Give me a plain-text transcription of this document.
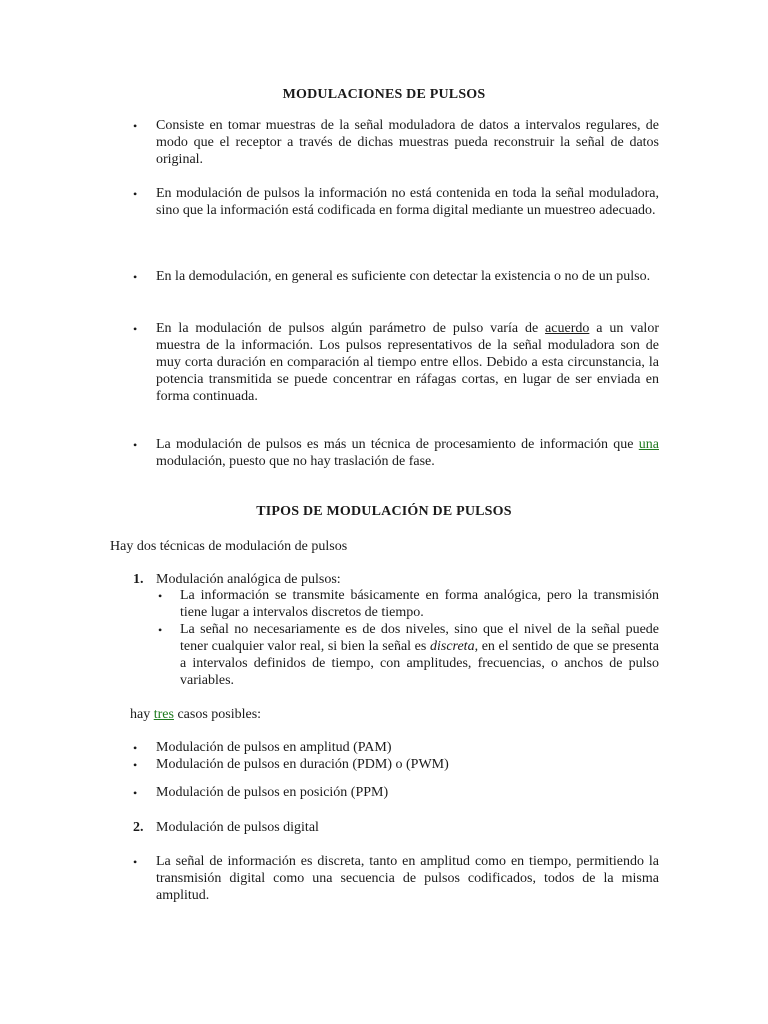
MODULACIONES DE PULSOS
• Consiste en tomar muestras de la señal moduladora de datos a intervalos regulares, de modo que el receptor a través de dichas muestras pueda reconstruir la señal de datos original.
• En modulación de pulsos la información no está contenida en toda la señal moduladora, sino que la información está codificada en forma digital mediante un muestreo adecuado.
• En la demodulación, en general es suficiente con detectar la existencia o no de un pulso.
• En la modulación de pulsos algún parámetro de pulso varía de acuerdo a un valor muestra de la información. Los pulsos representativos de la señal moduladora son de muy corta duración en comparación al tiempo entre ellos. Debido a esta circunstancia, la potencia transmitida se puede concentrar en ráfagas cortas, en lugar de ser enviada en forma continuada.
• La modulación de pulsos es más un técnica de procesamiento de información que una modulación, puesto que no hay traslación de fase.
TIPOS DE MODULACIÓN DE PULSOS
Hay dos técnicas de modulación de pulsos
1. Modulación analógica de pulsos:
• La información se transmite básicamente en forma analógica, pero la transmisión tiene lugar a intervalos discretos de tiempo.
• La señal no necesariamente es de dos niveles, sino que el nivel de la señal puede tener cualquier valor real, si bien la señal es discreta, en el sentido de que se presenta a intervalos definidos de tiempo, con amplitudes, frecuencias, o anchos de pulso variables.
hay tres casos posibles:
• Modulación de pulsos en amplitud (PAM)
• Modulación de pulsos en duración (PDM) o (PWM)
• Modulación de pulsos en posición (PPM)
2. Modulación de pulsos digital
• La señal de información es discreta, tanto en amplitud como en tiempo, permitiendo la transmisión digital como una secuencia de pulsos codificados, todos de la misma amplitud.
